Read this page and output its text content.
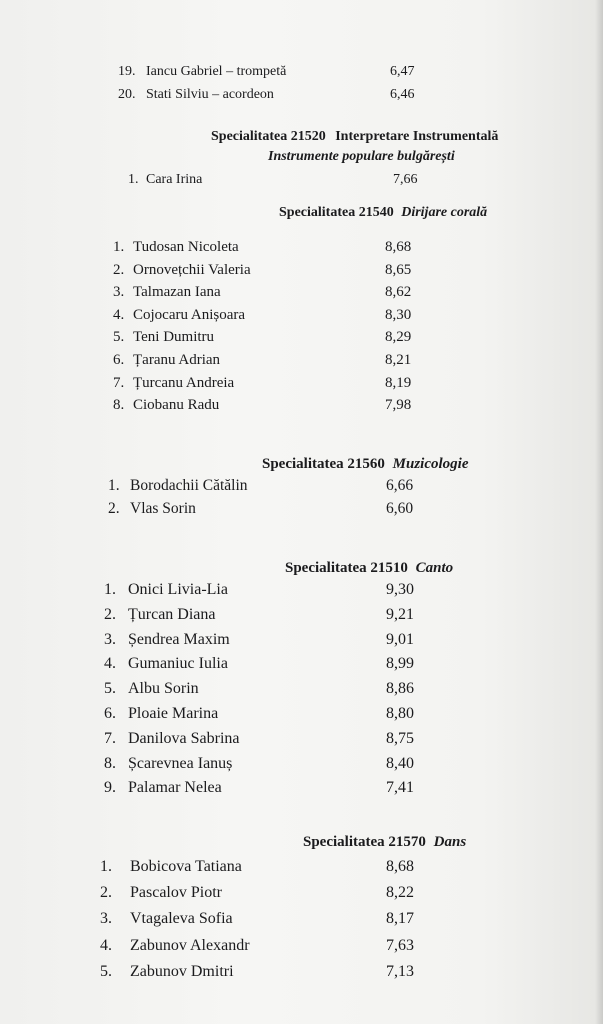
19. Iancu Gabriel – trompetă	6,47
20. Stati Silviu – acordeon	6,46
Specialitatea 21520 Interpretare Instrumentală
Instrumente populare bulgărești
1. Cara Irina	7,66
Specialitatea 21540 Dirijare corală
1. Tudosan Nicoleta	8,68
2. Ornovețchii Valeria	8,65
3. Talmazan Iana	8,62
4. Cojocaru Anișoara	8,30
5. Teni Dumitru	8,29
6. Țaranu Adrian	8,21
7. Țurcanu Andreia	8,19
8. Ciobanu Radu	7,98
Specialitatea 21560 Muzicologie
1. Borodachii Cătălin	6,66
2. Vlas Sorin	6,60
Specialitatea 21510 Canto
1. Onici Livia-Lia	9,30
2. Țurcan Diana	9,21
3. Șendrea Maxim	9,01
4. Gumaniuc Iulia	8,99
5. Albu Sorin	8,86
6. Ploaie Marina	8,80
7. Danilova Sabrina	8,75
8. Șcarevnea Ianuș	8,40
9. Palamar Nelea	7,41
Specialitatea 21570 Dans
1. Bobicova Tatiana	8,68
2. Pascalov Piotr	8,22
3. Vtagaleva Sofia	8,17
4. Zabunov Alexandr	7,63
5. Zabunov Dmitri	7,13
